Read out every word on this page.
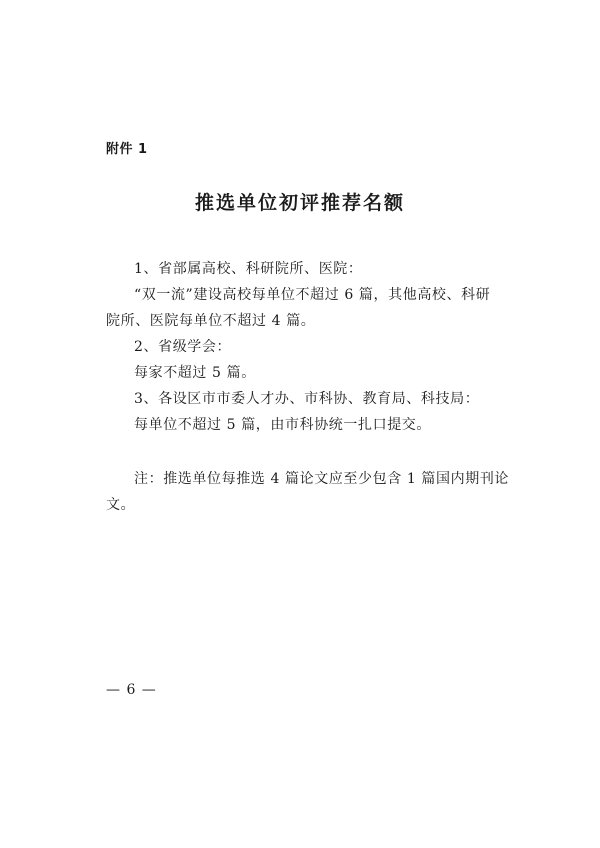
附件 1
推选单位初评推荐名额
1、省部属高校、科研院所、医院：
“双一流”建设高校每单位不超过 6 篇，其他高校、科研
院所、医院每单位不超过 4 篇。
2、省级学会：
每家不超过 5 篇。
3、各设区市市委人才办、市科协、教育局、科技局：
每单位不超过 5 篇，由市科协统一扎口提交。
注：推选单位每推选 4 篇论文应至少包含 1 篇国内期刊论
文。
— 6 —
